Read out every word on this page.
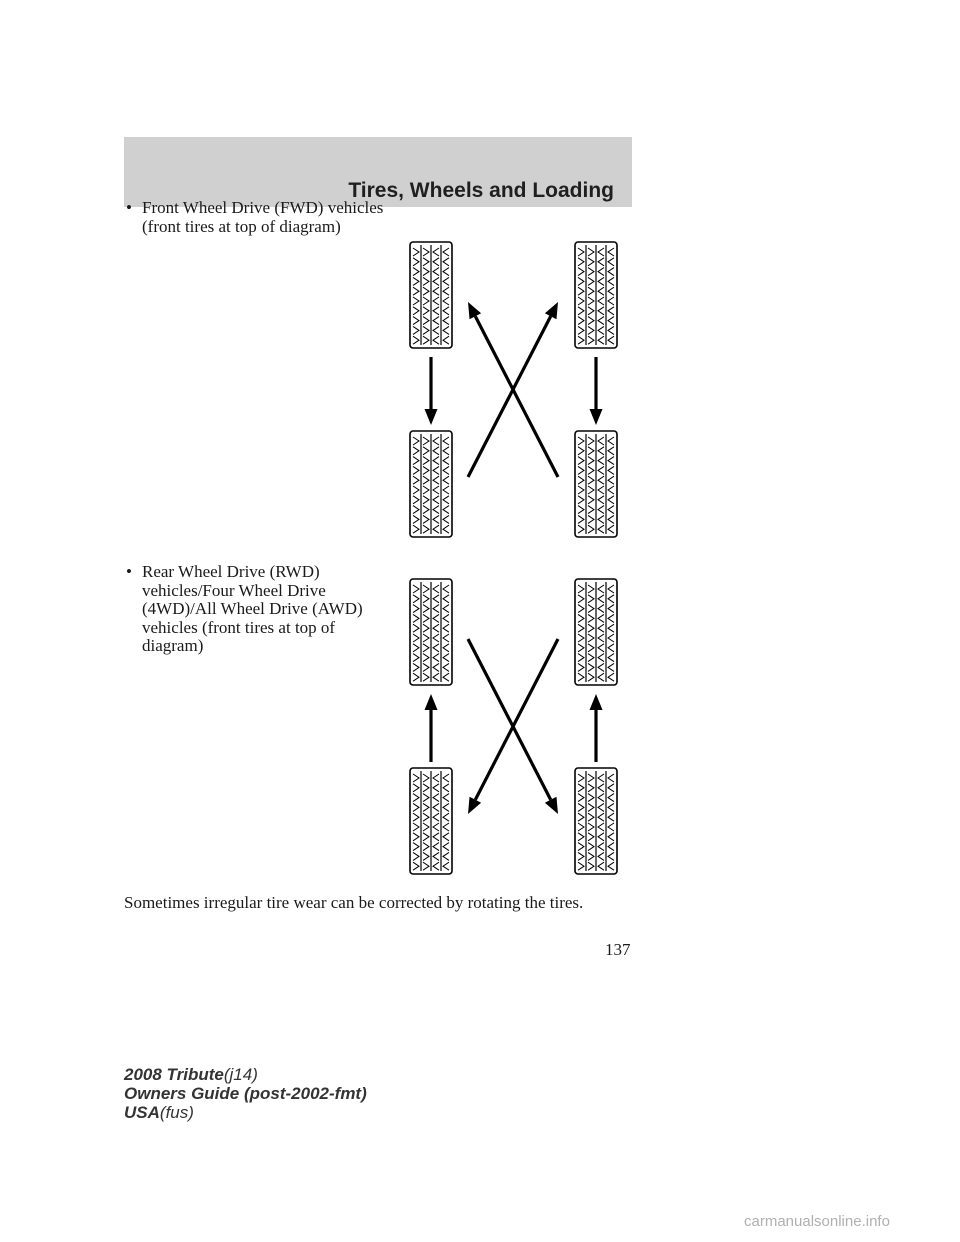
Tires, Wheels and Loading
• Front Wheel Drive (FWD) vehicles (front tires at top of diagram)
• Rear Wheel Drive (RWD) vehicles/Four Wheel Drive (4WD)/All Wheel Drive (AWD) vehicles (front tires at top of diagram)
Sometimes irregular tire wear can be corrected by rotating the tires.
137
2008 Tribute(j14)
Owners Guide (post-2002-fmt)
USA(fus)
carmanualsonline.info
